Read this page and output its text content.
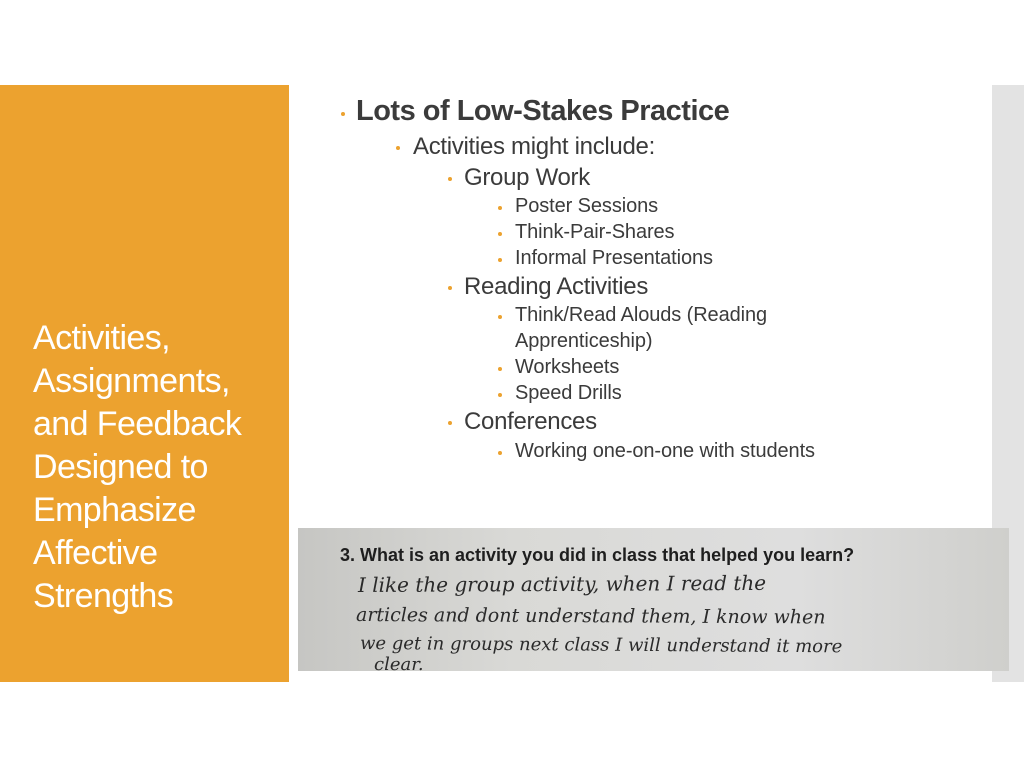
Activities,
Assignments,
and Feedback
Designed to
Emphasize
Affective
Strengths
Lots of Low-Stakes Practice
Activities might include:
Group Work
Poster Sessions
Think-Pair-Shares
Informal Presentations
Reading Activities
Think/Read Alouds (Reading
Apprenticeship)
Worksheets
Speed Drills
Conferences
Working one-on-one with students
3. What is an activity you did in class that helped you learn?
I like the group activity, when I read the
articles and dont understand them, I know when
we get in groups next class I will understand it more
clear.
